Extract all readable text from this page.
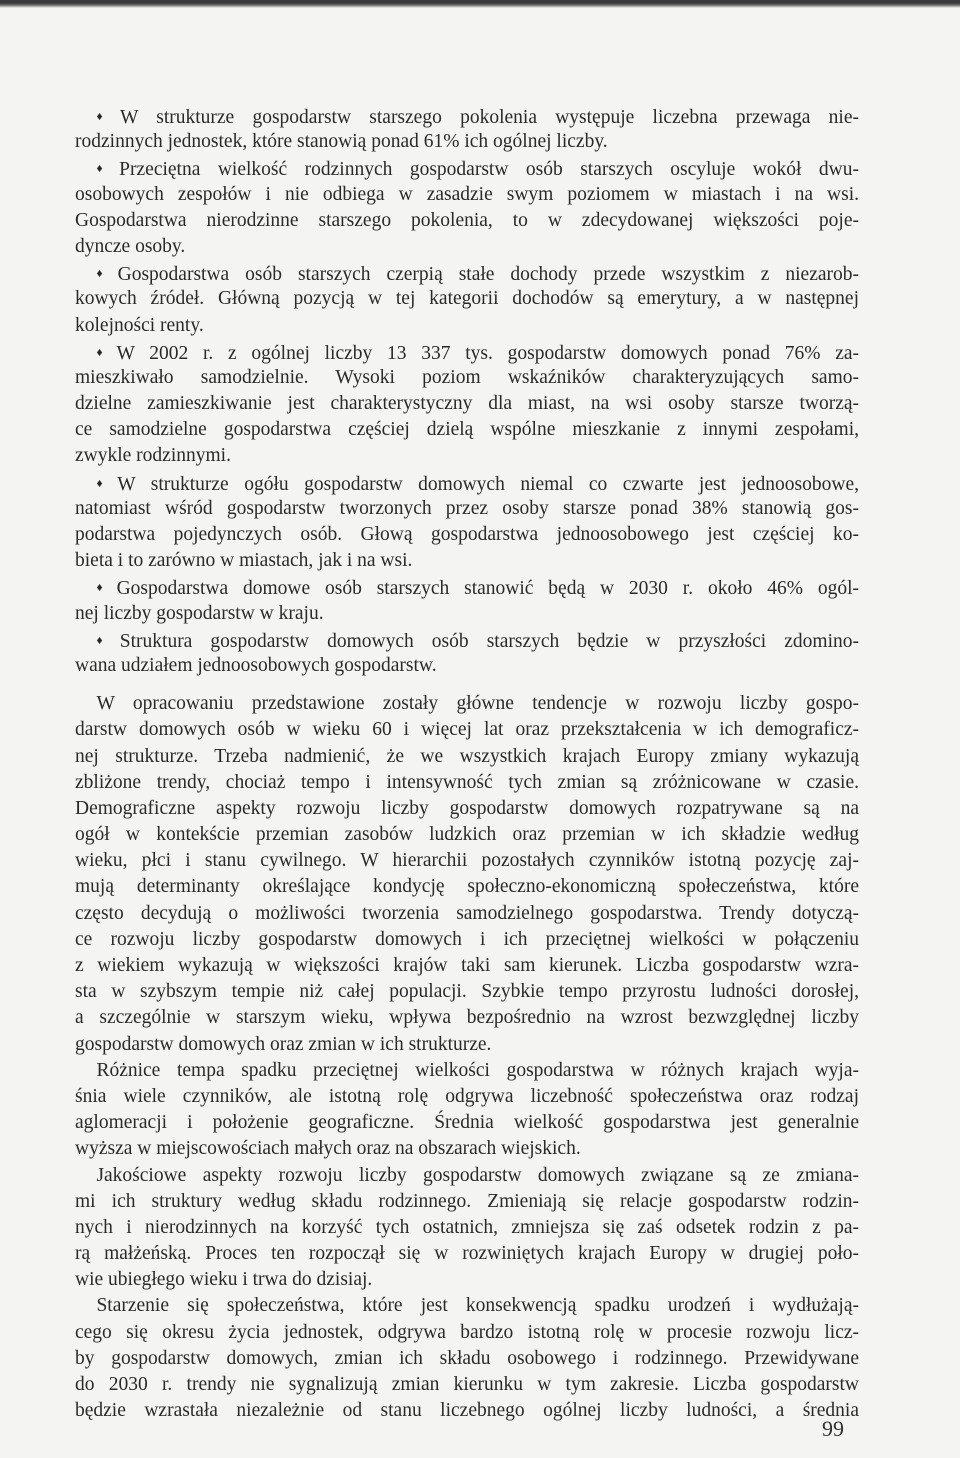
♦ W strukturze gospodarstw starszego pokolenia występuje liczebna przewaga nie-
rodzinnych jednostek, które stanowią ponad 61% ich ogólnej liczby.
♦ Przeciętna wielkość rodzinnych gospodarstw osób starszych oscyluje wokół dwu-
osobowych zespołów i nie odbiega w zasadzie swym poziomem w miastach i na wsi.
Gospodarstwa nierodzinne starszego pokolenia, to w zdecydowanej większości poje-
dyncze osoby.
♦ Gospodarstwa osób starszych czerpią stałe dochody przede wszystkim z niezarob-
kowych źródeł. Główną pozycją w tej kategorii dochodów są emerytury, a w następnej
kolejności renty.
♦ W 2002 r. z ogólnej liczby 13 337 tys. gospodarstw domowych ponad 76% za-
mieszkiwało samodzielnie. Wysoki poziom wskaźników charakteryzujących samo-
dzielne zamieszkiwanie jest charakterystyczny dla miast, na wsi osoby starsze tworzą-
ce samodzielne gospodarstwa częściej dzielą wspólne mieszkanie z innymi zespołami,
zwykle rodzinnymi.
♦ W strukturze ogółu gospodarstw domowych niemal co czwarte jest jednoosobowe,
natomiast wśród gospodarstw tworzonych przez osoby starsze ponad 38% stanowią gos-
podarstwa pojedynczych osób. Głową gospodarstwa jednoosobowego jest częściej ko-
bieta i to zarówno w miastach, jak i na wsi.
♦ Gospodarstwa domowe osób starszych stanowić będą w 2030 r. około 46% ogól-
nej liczby gospodarstw w kraju.
♦ Struktura gospodarstw domowych osób starszych będzie w przyszłości zdomino-
wana udziałem jednoosobowych gospodarstw.
W opracowaniu przedstawione zostały główne tendencje w rozwoju liczby gospo-
darstw domowych osób w wieku 60 i więcej lat oraz przekształcenia w ich demograficz-
nej strukturze. Trzeba nadmienić, że we wszystkich krajach Europy zmiany wykazują
zbliżone trendy, chociaż tempo i intensywność tych zmian są zróżnicowane w czasie.
Demograficzne aspekty rozwoju liczby gospodarstw domowych rozpatrywane są na
ogół w kontekście przemian zasobów ludzkich oraz przemian w ich składzie według
wieku, płci i stanu cywilnego. W hierarchii pozostałych czynników istotną pozycję zaj-
mują determinanty określające kondycję społeczno-ekonomiczną społeczeństwa, które
często decydują o możliwości tworzenia samodzielnego gospodarstwa. Trendy dotyczą-
ce rozwoju liczby gospodarstw domowych i ich przeciętnej wielkości w połączeniu
z wiekiem wykazują w większości krajów taki sam kierunek. Liczba gospodarstw wzra-
sta w szybszym tempie niż całej populacji. Szybkie tempo przyrostu ludności dorosłej,
a szczególnie w starszym wieku, wpływa bezpośrednio na wzrost bezwzględnej liczby
gospodarstw domowych oraz zmian w ich strukturze.
Różnice tempa spadku przeciętnej wielkości gospodarstwa w różnych krajach wyja-
śnia wiele czynników, ale istotną rolę odgrywa liczebność społeczeństwa oraz rodzaj
aglomeracji i położenie geograficzne. Średnia wielkość gospodarstwa jest generalnie
wyższa w miejscowościach małych oraz na obszarach wiejskich.
Jakościowe aspekty rozwoju liczby gospodarstw domowych związane są ze zmiana-
mi ich struktury według składu rodzinnego. Zmieniają się relacje gospodarstw rodzin-
nych i nierodzinnych na korzyść tych ostatnich, zmniejsza się zaś odsetek rodzin z pa-
rą małżeńską. Proces ten rozpoczął się w rozwiniętych krajach Europy w drugiej poło-
wie ubiegłego wieku i trwa do dzisiaj.
Starzenie się społeczeństwa, które jest konsekwencją spadku urodzeń i wydłużają-
cego się okresu życia jednostek, odgrywa bardzo istotną rolę w procesie rozwoju licz-
by gospodarstw domowych, zmian ich składu osobowego i rodzinnego. Przewidywane
do 2030 r. trendy nie sygnalizują zmian kierunku w tym zakresie. Liczba gospodarstw
będzie wzrastała niezależnie od stanu liczebnego ogólnej liczby ludności, a średnia
99
